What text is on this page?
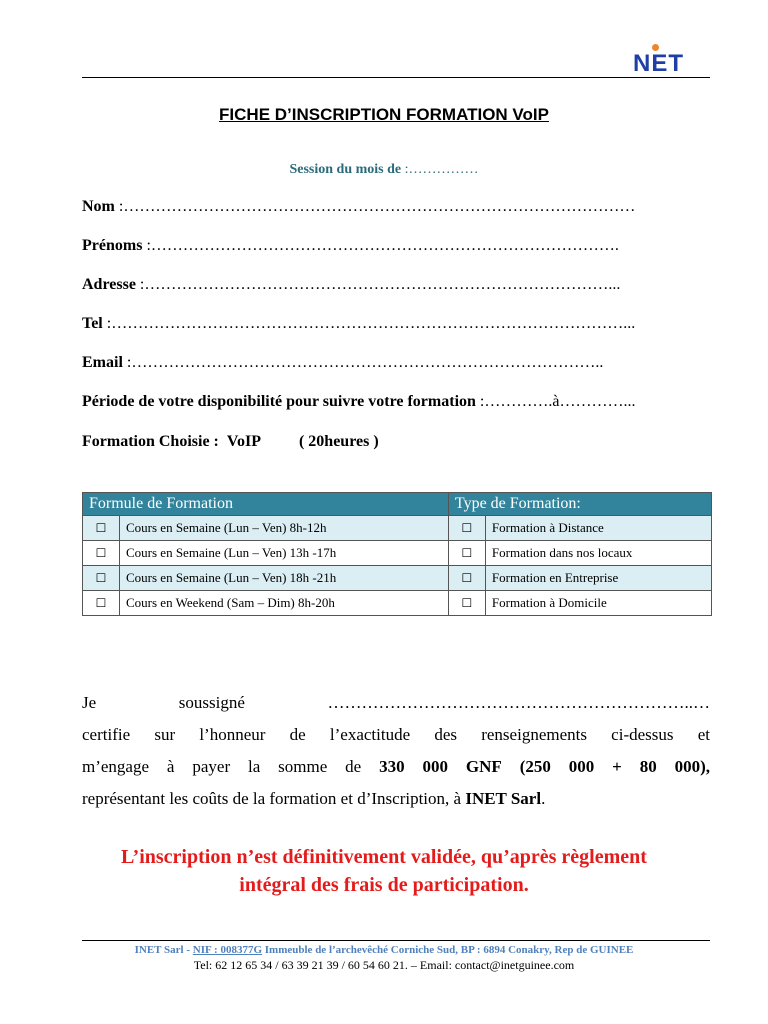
NET
FICHE D’INSCRIPTION FORMATION VoIP
Session du mois de :……………
Nom :……………………………………………………………………………………
Prénoms :…………………………………………………………………………….
Adresse :……………………………………………………………………………...
Tel :……………………………………………………………………………………...
Email :……………………………………………………………………………..
Période de votre disponibilité pour suivre votre formation :………….à…………...
Formation Choisie : VoIP ( 20heures )
Formule de Formation		Type de Formation:	
☐	Cours en Semaine (Lun – Ven) 8h-12h	☐	Formation à Distance
☐	Cours en Semaine (Lun – Ven) 13h -17h	☐	Formation dans nos locaux
☐	Cours en Semaine (Lun – Ven) 18h -21h	☐	Formation en Entreprise
☐	Cours en Weekend (Sam – Dim) 8h-20h	☐	Formation à Domicile
Je	soussigné	………………………………………………………..…
certifie sur l’honneur de l’exactitude des renseignements ci-dessus et
m’engage à payer la somme de 330 000 GNF (250 000 + 80 000),
représentant les coûts de la formation et d’Inscription, à INET Sarl.
L’inscription n’est définitivement validée, qu’après règlement
intégral des frais de participation.
INET Sarl - NIF : 008377G Immeuble de l’archevêché Corniche Sud, BP : 6894 Conakry, Rep de GUINEE
Tel: 62 12 65 34 / 63 39 21 39 / 60 54 60 21. – Email: contact@inetguinee.com
